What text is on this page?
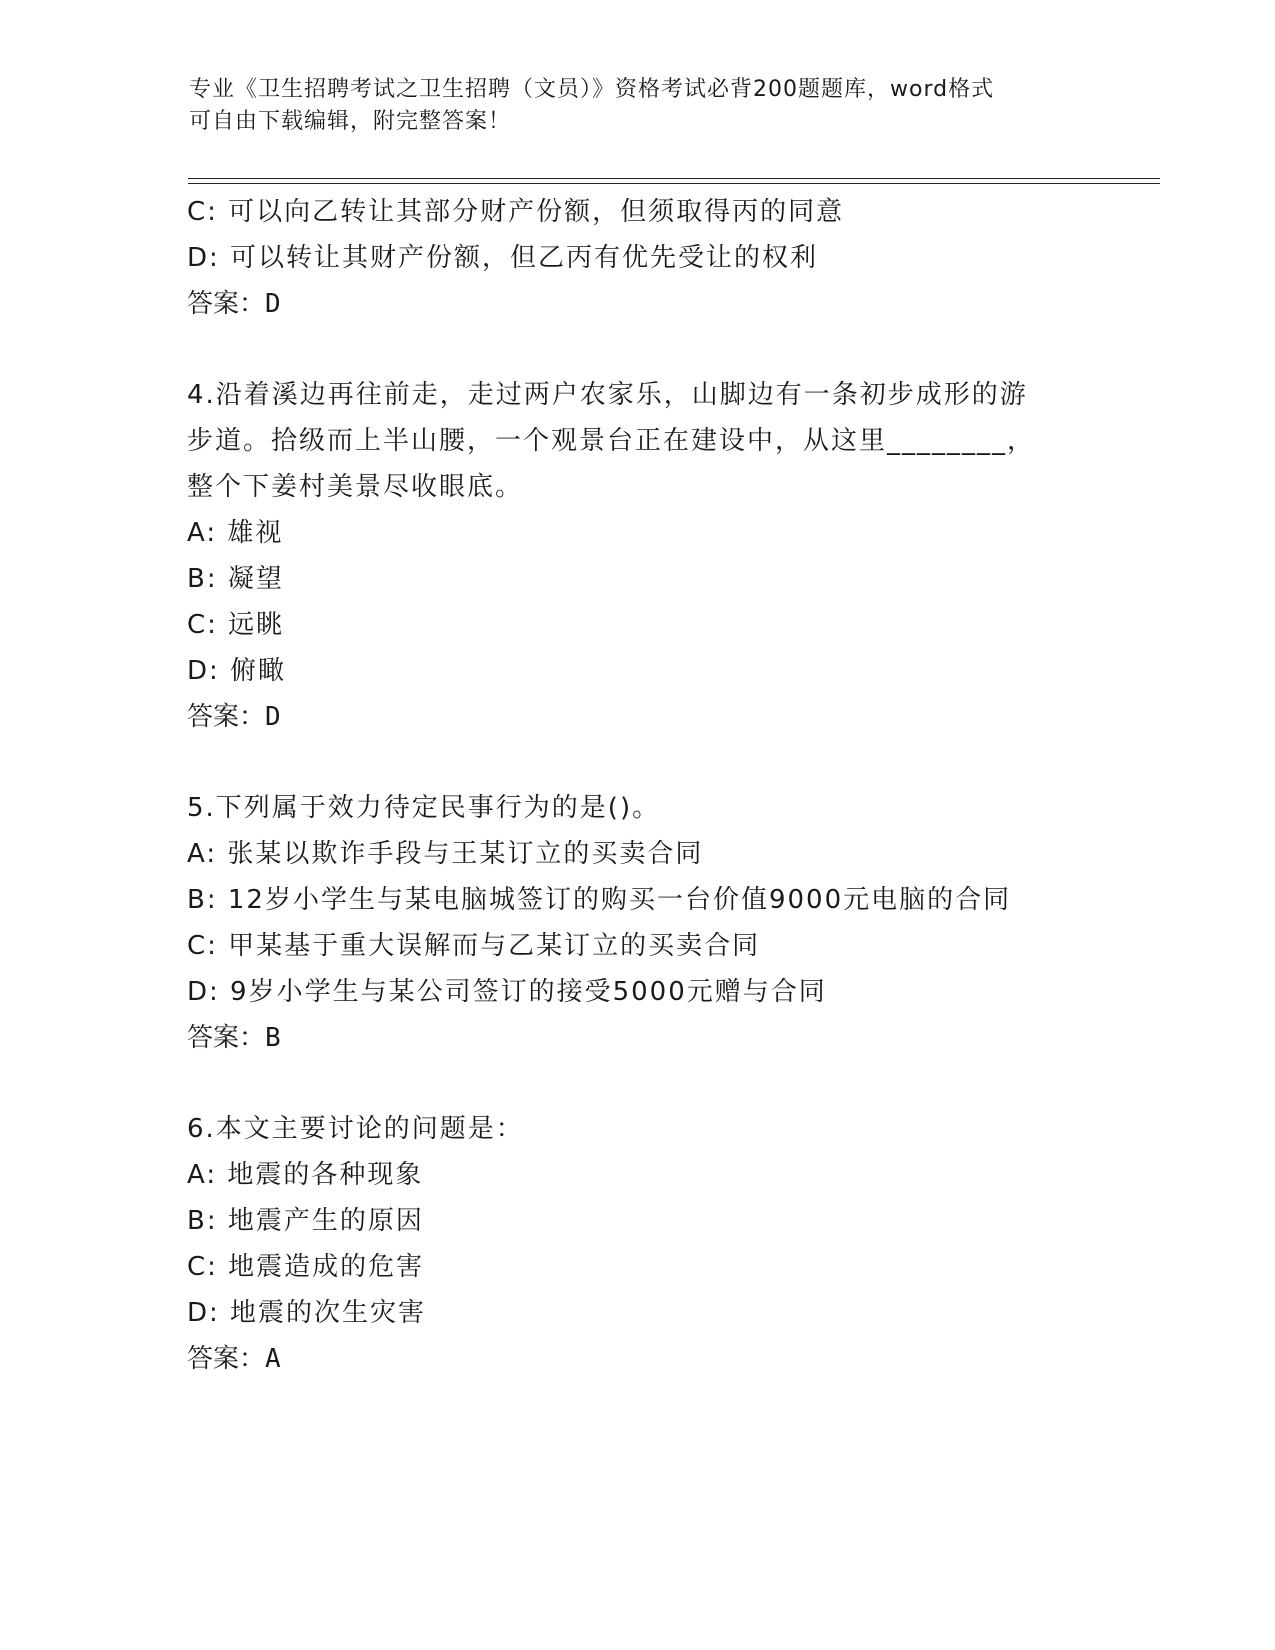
专业《卫生招聘考试之卫生招聘（文员）》资格考试必背200题题库，word格式
可自由下载编辑，附完整答案！
C: 可以向乙转让其部分财产份额，但须取得丙的同意
D: 可以转让其财产份额，但乙丙有优先受让的权利
答案：D
4.沿着溪边再往前走，走过两户农家乐，山脚边有一条初步成形的游
步道。拾级而上半山腰，一个观景台正在建设中，从这里________，
整个下姜村美景尽收眼底。
A: 雄视
B: 凝望
C: 远眺
D: 俯瞰
答案：D
5.下列属于效力待定民事行为的是()。
A: 张某以欺诈手段与王某订立的买卖合同
B: 12岁小学生与某电脑城签订的购买一台价值9000元电脑的合同
C: 甲某基于重大误解而与乙某订立的买卖合同
D: 9岁小学生与某公司签订的接受5000元赠与合同
答案：B
6.本文主要讨论的问题是：
A: 地震的各种现象
B: 地震产生的原因
C: 地震造成的危害
D: 地震的次生灾害
答案：A
